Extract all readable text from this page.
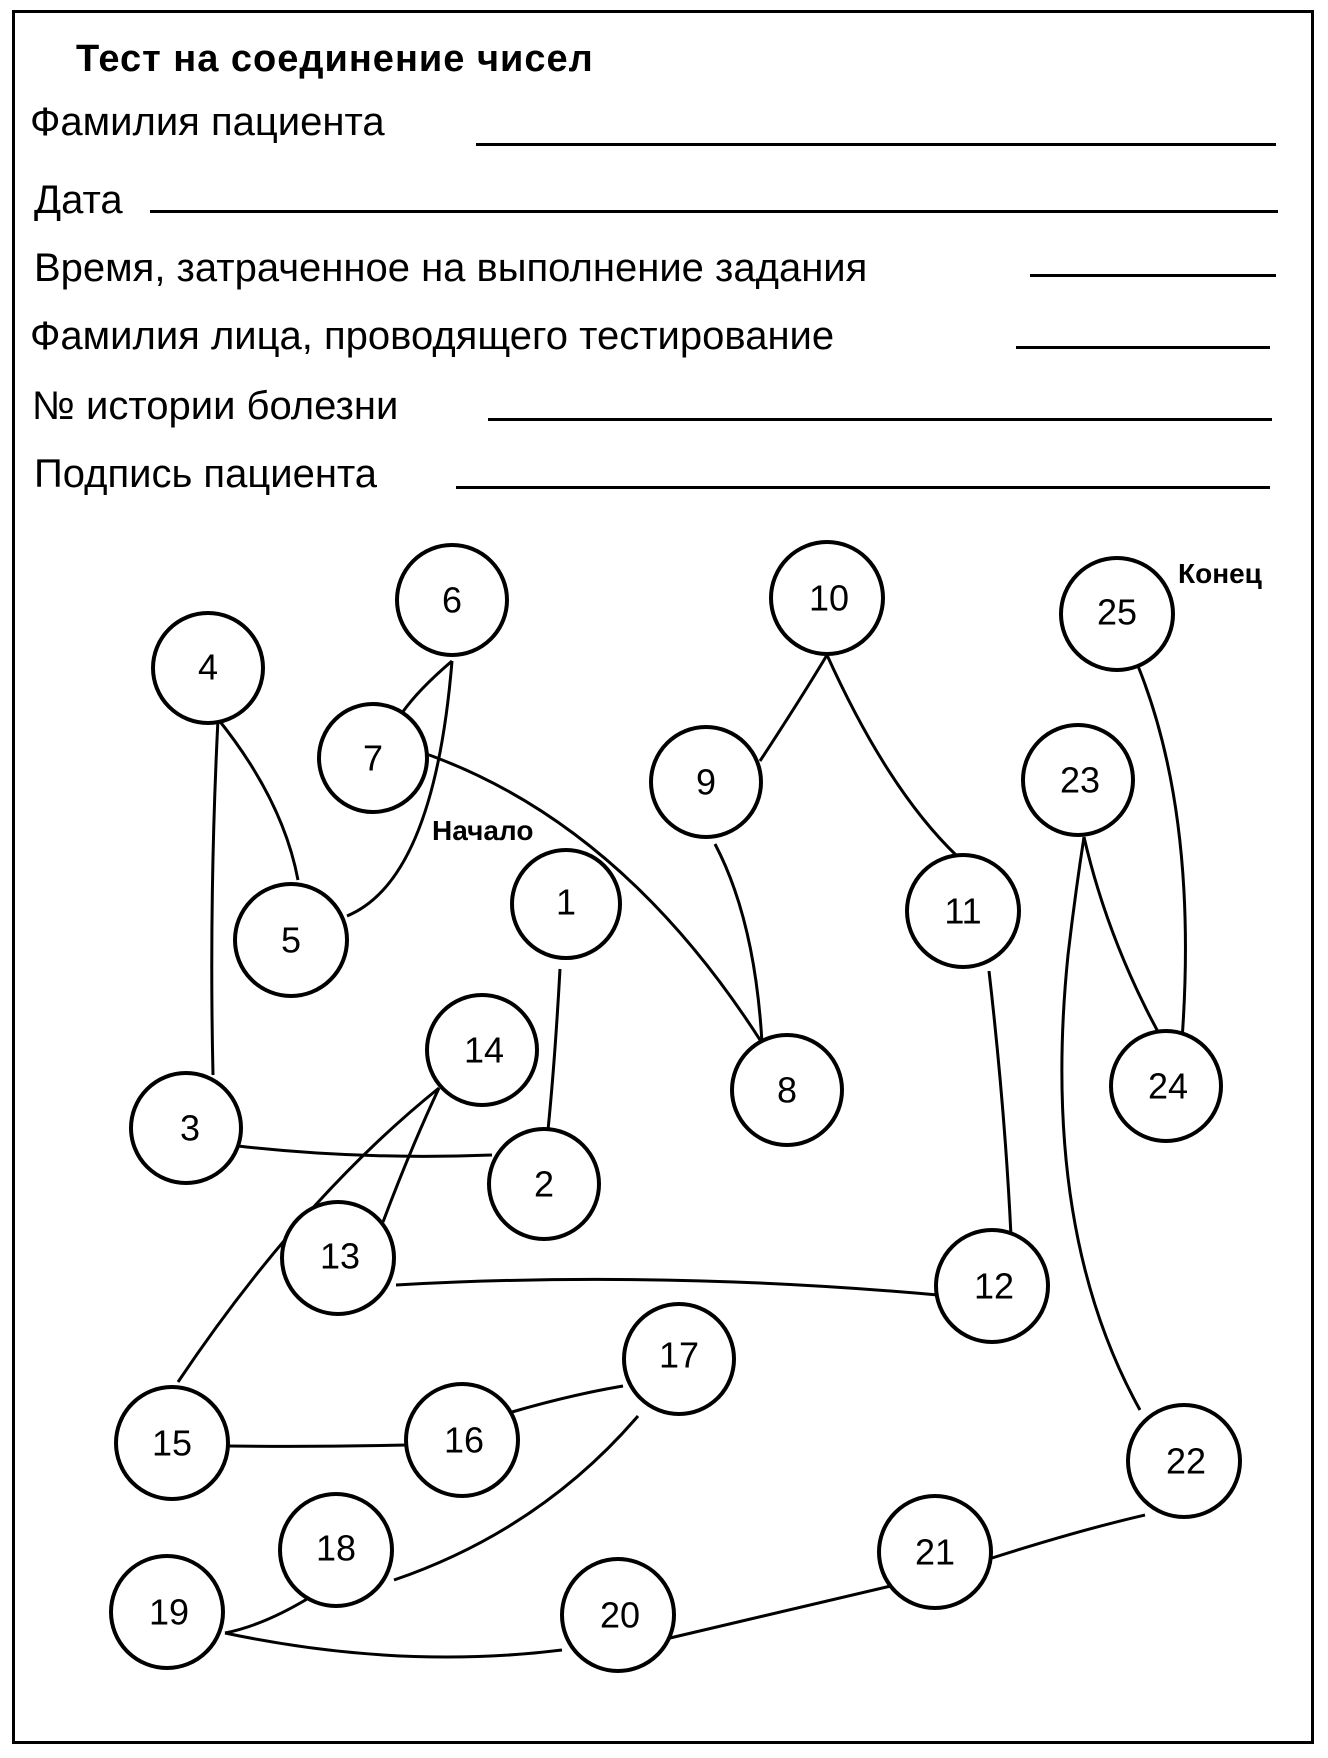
Тест на соединение чисел
Фамилия пациента
Дата
Время, затраченное на выполнение задания
Фамилия лица, проводящего тестирование
№ истории болезни
Подпись пациента
1
2
3
4
5
6
7
8
9
10
11
12
13
14
15	16
17
18
19	20
21
22
23
24
25
Начало
Конец
